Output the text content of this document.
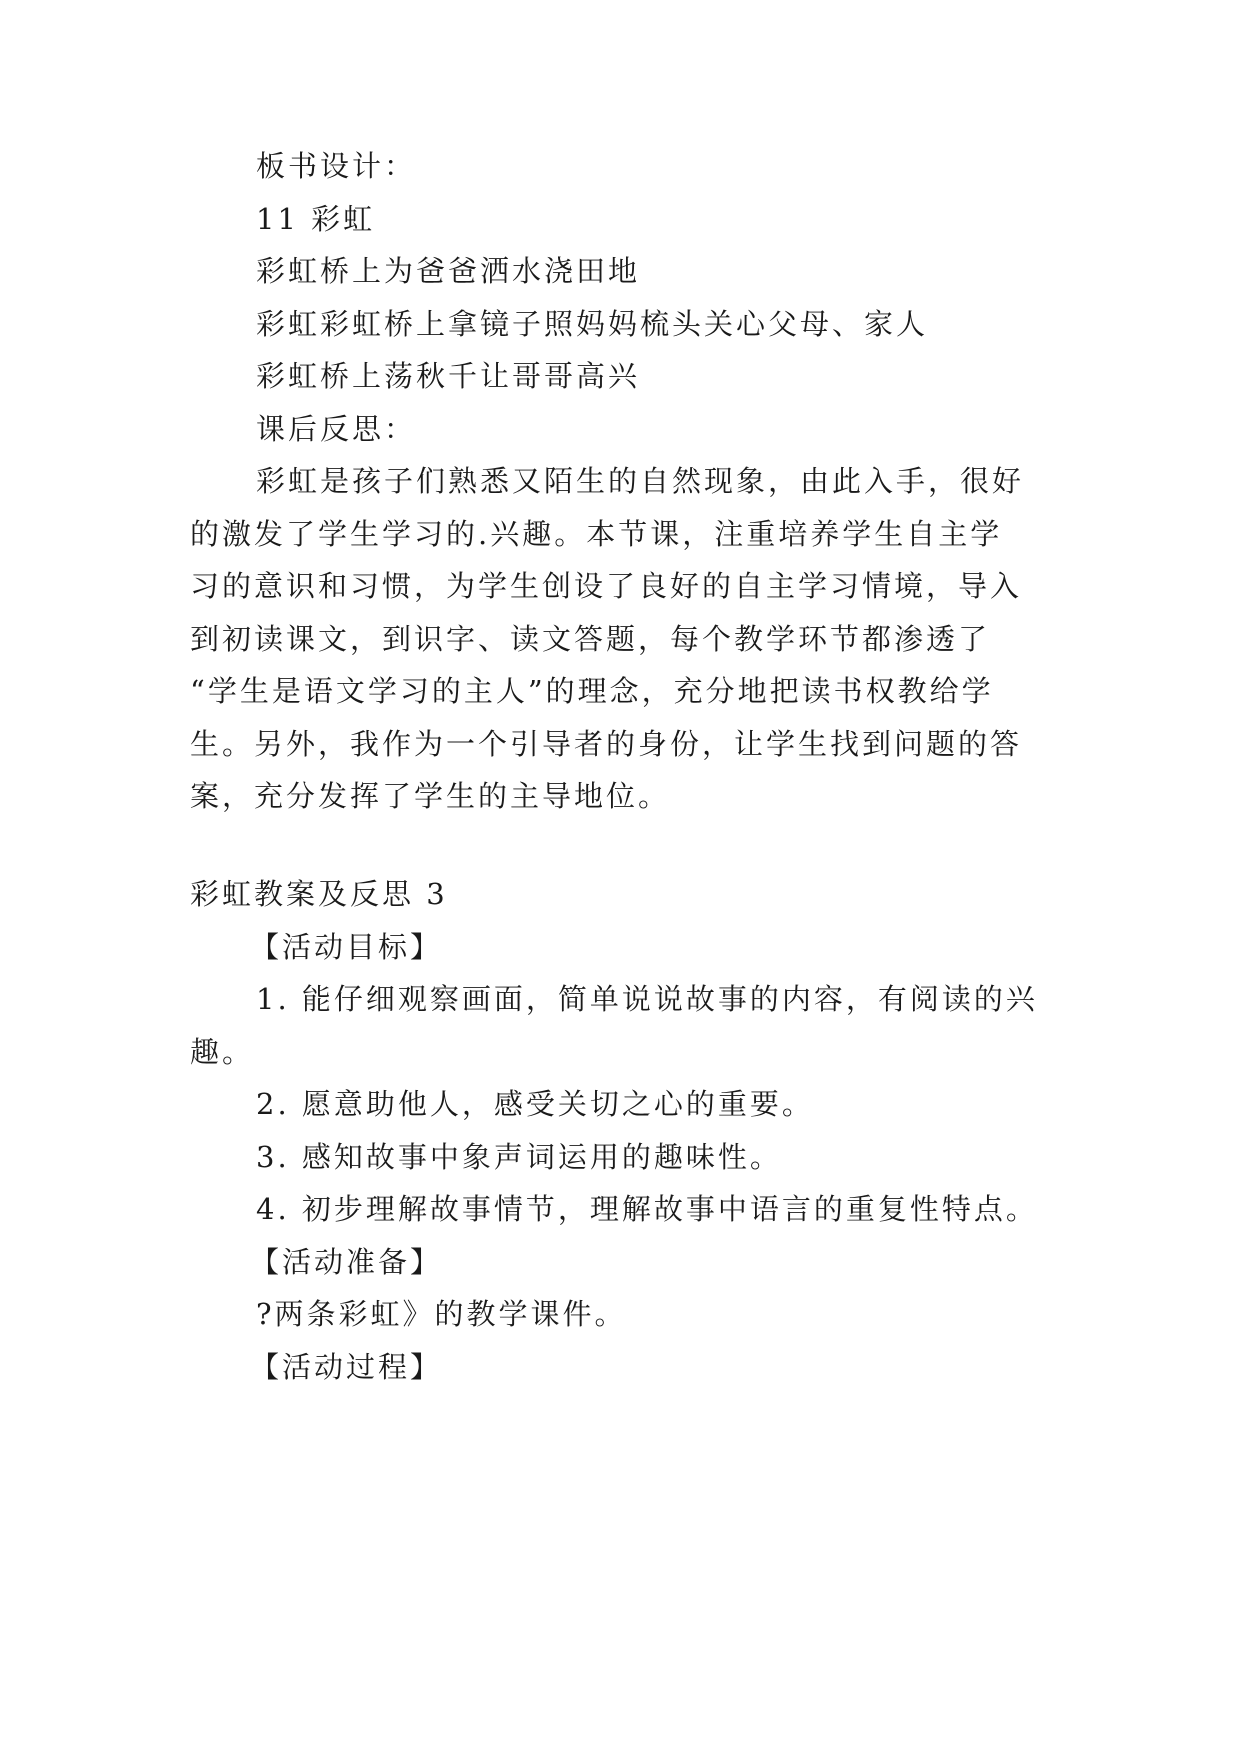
板书设计：
11 彩虹
彩虹桥上为爸爸洒水浇田地
彩虹彩虹桥上拿镜子照妈妈梳头关心父母、家人
彩虹桥上荡秋千让哥哥高兴
课后反思：
彩虹是孩子们熟悉又陌生的自然现象，由此入手，很好
的激发了学生学习的.兴趣。本节课，注重培养学生自主学
习的意识和习惯，为学生创设了良好的自主学习情境，导入
到初读课文，到识字、读文答题，每个教学环节都渗透了
“学生是语文学习的主人”的理念，充分地把读书权教给学
生。另外，我作为一个引导者的身份，让学生找到问题的答
案，充分发挥了学生的主导地位。
彩虹教案及反思 3
【活动目标】
1. 能仔细观察画面，简单说说故事的内容，有阅读的兴
趣。
2. 愿意助他人，感受关切之心的重要。
3. 感知故事中象声词运用的趣味性。
4. 初步理解故事情节，理解故事中语言的重复性特点。
【活动准备】
?两条彩虹》的教学课件。
【活动过程】
